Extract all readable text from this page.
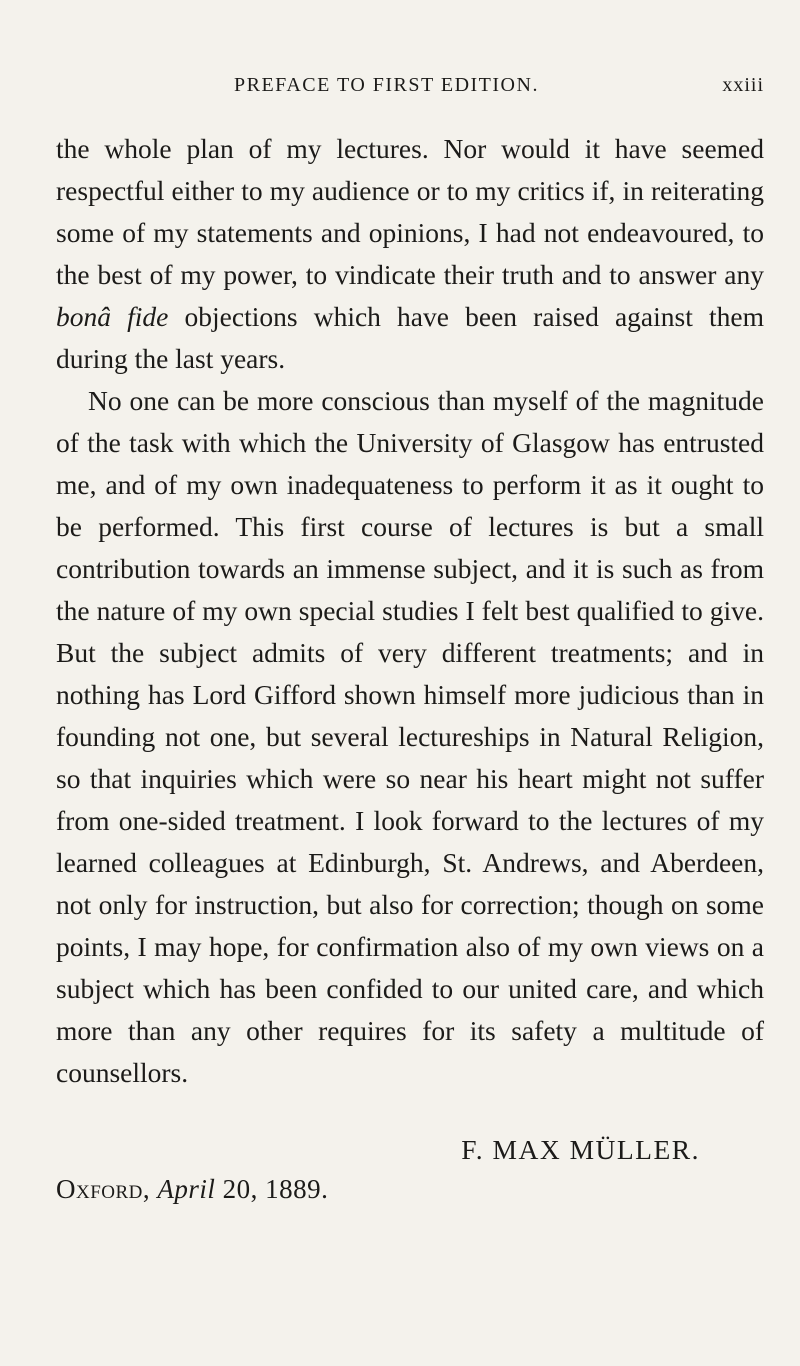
PREFACE TO FIRST EDITION.	xxiii

the whole plan of my lectures. Nor would it have seemed respectful either to my audience or to my critics if, in reiterating some of my statements and opinions, I had not endeavoured, to the best of my power, to vindicate their truth and to answer any bonâ fide objections which have been raised against them during the last years.

No one can be more conscious than myself of the magnitude of the task with which the University of Glasgow has entrusted me, and of my own inadequateness to perform it as it ought to be performed. This first course of lectures is but a small contribution towards an immense subject, and it is such as from the nature of my own special studies I felt best qualified to give. But the subject admits of very different treatments; and in nothing has Lord Gifford shown himself more judicious than in founding not one, but several lectureships in Natural Religion, so that inquiries which were so near his heart might not suffer from one-sided treatment. I look forward to the lectures of my learned colleagues at Edinburgh, St. Andrews, and Aberdeen, not only for instruction, but also for correction; though on some points, I may hope, for confirmation also of my own views on a subject which has been confided to our united care, and which more than any other requires for its safety a multitude of counsellors.

F. MAX MÜLLER.
Oxford, April 20, 1889.
